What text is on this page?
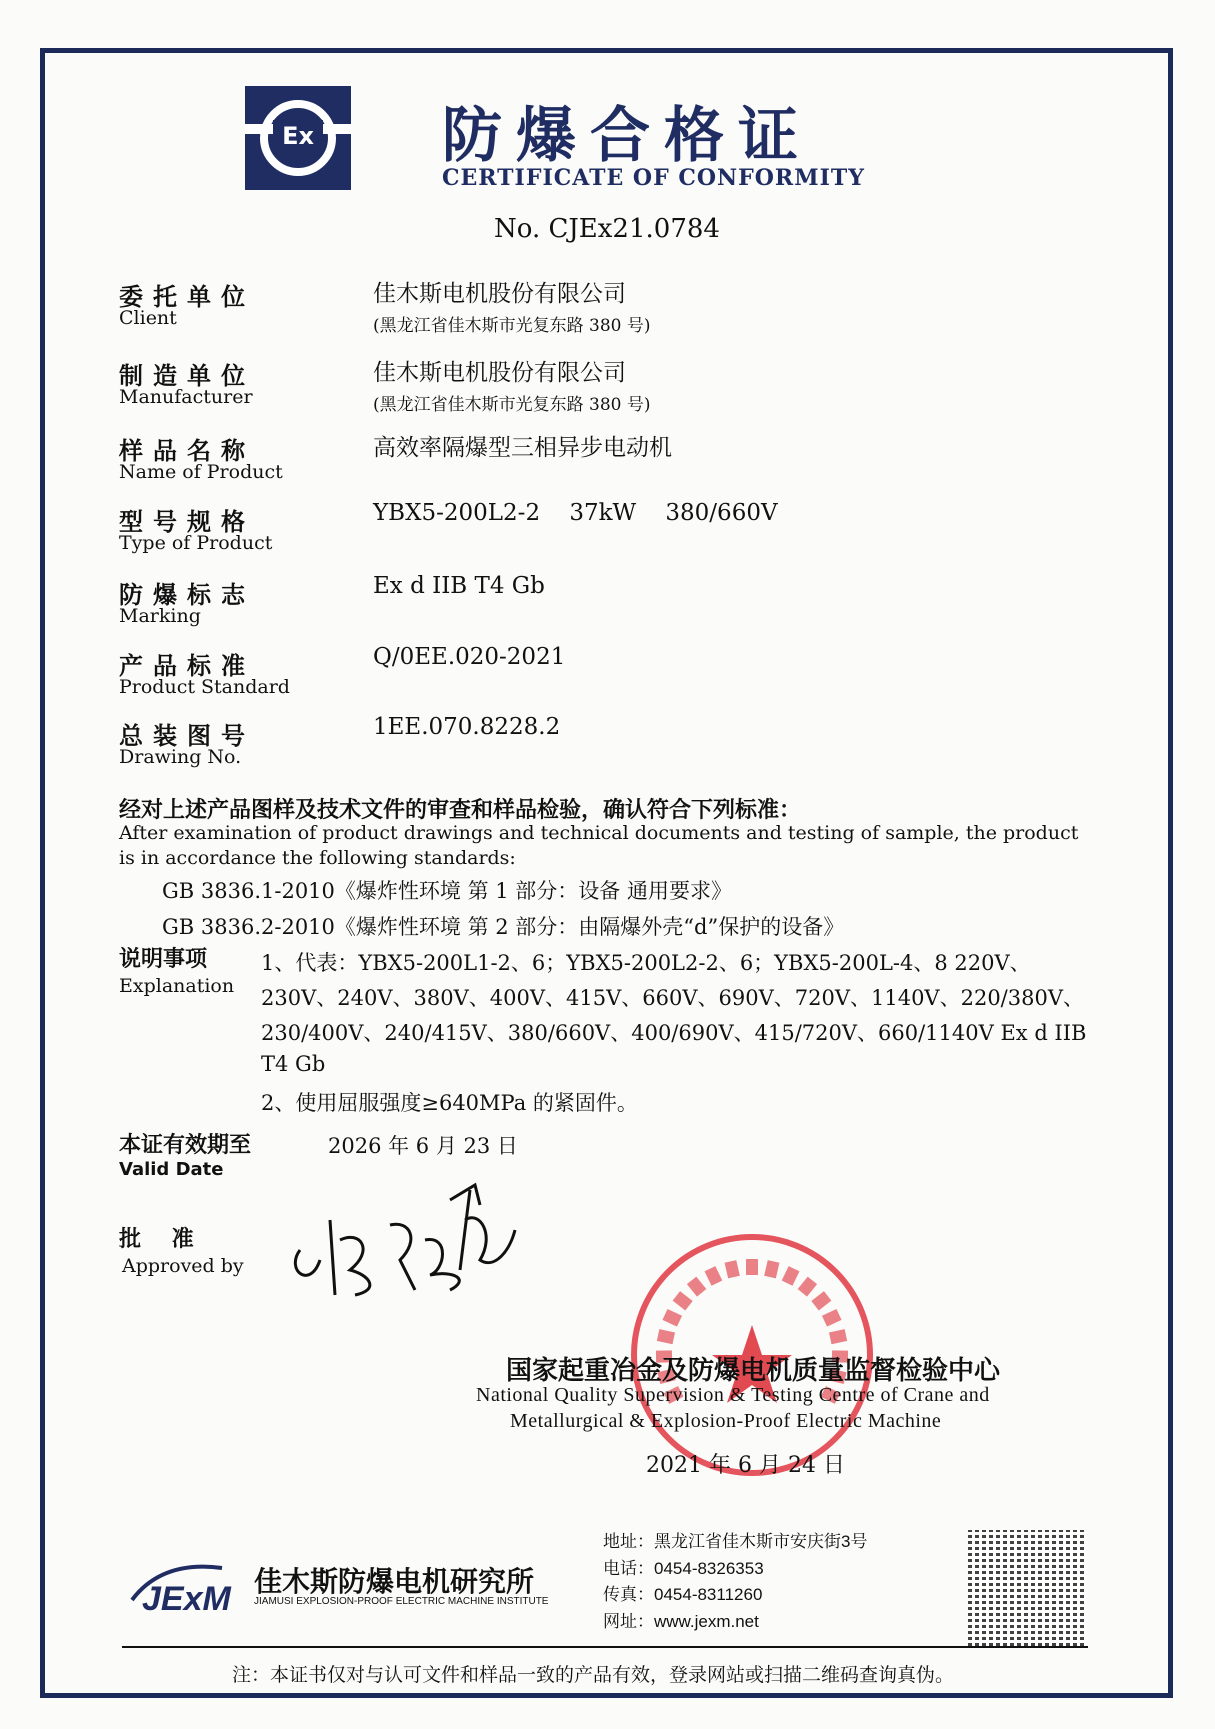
Ex 防爆合格证
CERTIFICATE OF CONFORMITY
No. CJEx21.0784
委托单位
Client
佳木斯电机股份有限公司
(黑龙江省佳木斯市光复东路 380 号)
制造单位
Manufacturer
佳木斯电机股份有限公司
(黑龙江省佳木斯市光复东路 380 号)
样品名称
Name of Product
高效率隔爆型三相异步电动机
型号规格
Type of Product
YBX5-200L2-2    37kW    380/660V
防爆标志
Marking
Ex d IIB T4 Gb
产品标准
Product Standard
Q/0EE.020-2021
总装图号
Drawing No.
1EE.070.8228.2
经对上述产品图样及技术文件的审查和样品检验，确认符合下列标准：
After examination of product drawings and technical documents and testing of sample, the product
is in accordance the following standards:
GB 3836.1-2010《爆炸性环境 第 1 部分：设备 通用要求》
GB 3836.2-2010《爆炸性环境 第 2 部分：由隔爆外壳“d”保护的设备》
说明事项
Explanation
1、代表：YBX5-200L1-2、6；YBX5-200L2-2、6；YBX5-200L-4、8 220V、
230V、240V、380V、400V、415V、660V、690V、720V、1140V、220/380V、
230/400V、240/415V、380/660V、400/690V、415/720V、660/1140V Ex d IIB
T4 Gb
2、使用屈服强度≥640MPa 的紧固件。
本证有效期至
Valid Date
2026 年 6 月 23 日
批    准
Approved by
国家起重冶金及防爆电机质量监督检验中心
National Quality Supervision & Testing Centre of Crane and
Metallurgical & Explosion-Proof Electric Machine
2021 年 6 月 24 日
JExM 佳木斯防爆电机研究所
JIAMUSI EXPLOSION-PROOF ELECTRIC MACHINE INSTITUTE
地址：黑龙江省佳木斯市安庆街3号
电话：0454-8326353
传真：0454-8311260
网址：www.jexm.net
注：本证书仅对与认可文件和样品一致的产品有效，登录网站或扫描二维码查询真伪。
